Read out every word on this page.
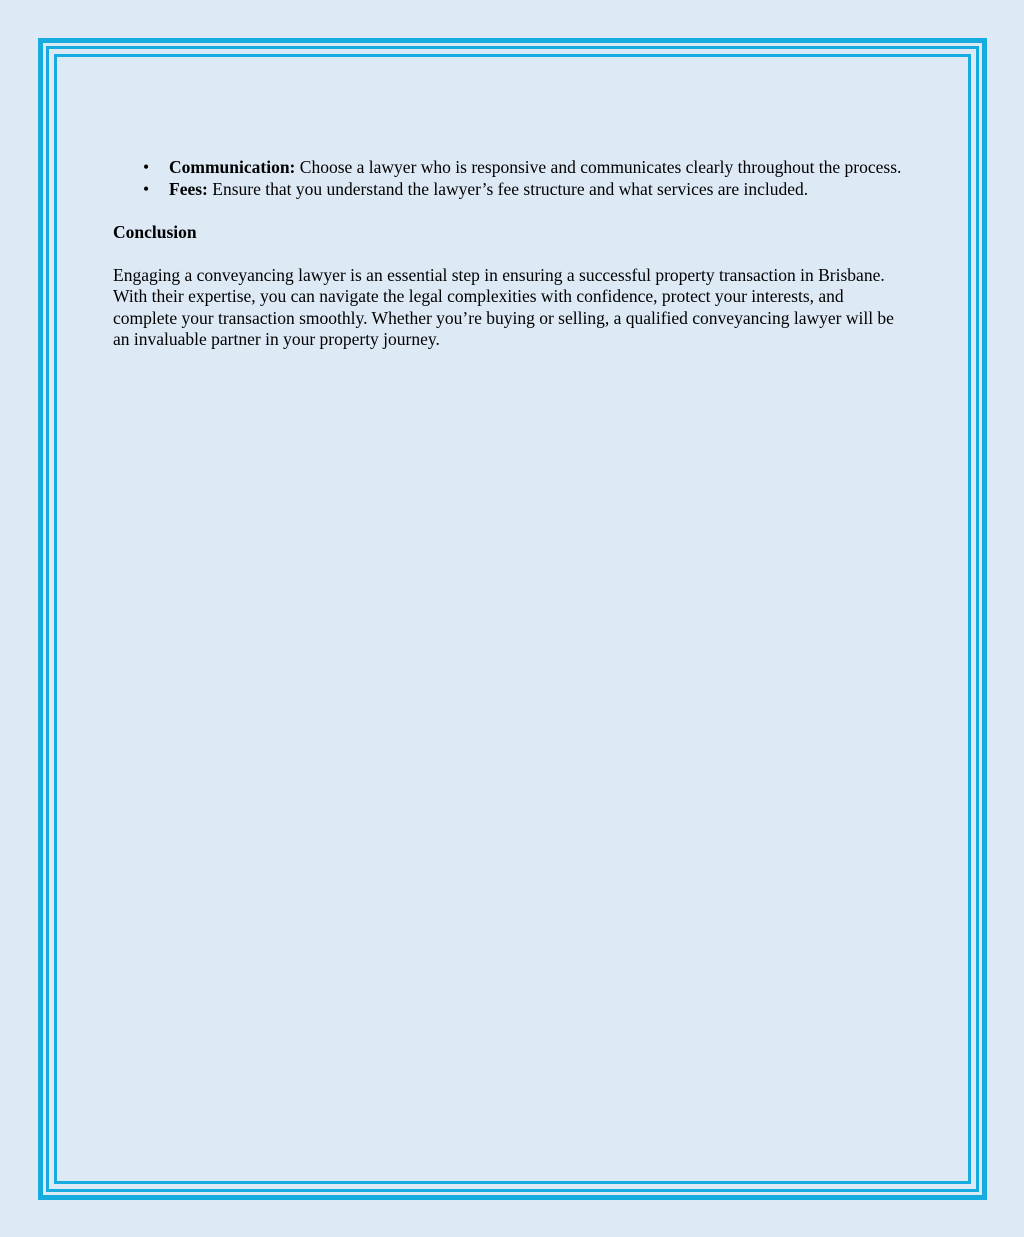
• Communication: Choose a lawyer who is responsive and communicates clearly throughout the process.
• Fees: Ensure that you understand the lawyer’s fee structure and what services are included.

Conclusion

Engaging a conveyancing lawyer is an essential step in ensuring a successful property transaction in Brisbane. With their expertise, you can navigate the legal complexities with confidence, protect your interests, and complete your transaction smoothly. Whether you’re buying or selling, a qualified conveyancing lawyer will be an invaluable partner in your property journey.
